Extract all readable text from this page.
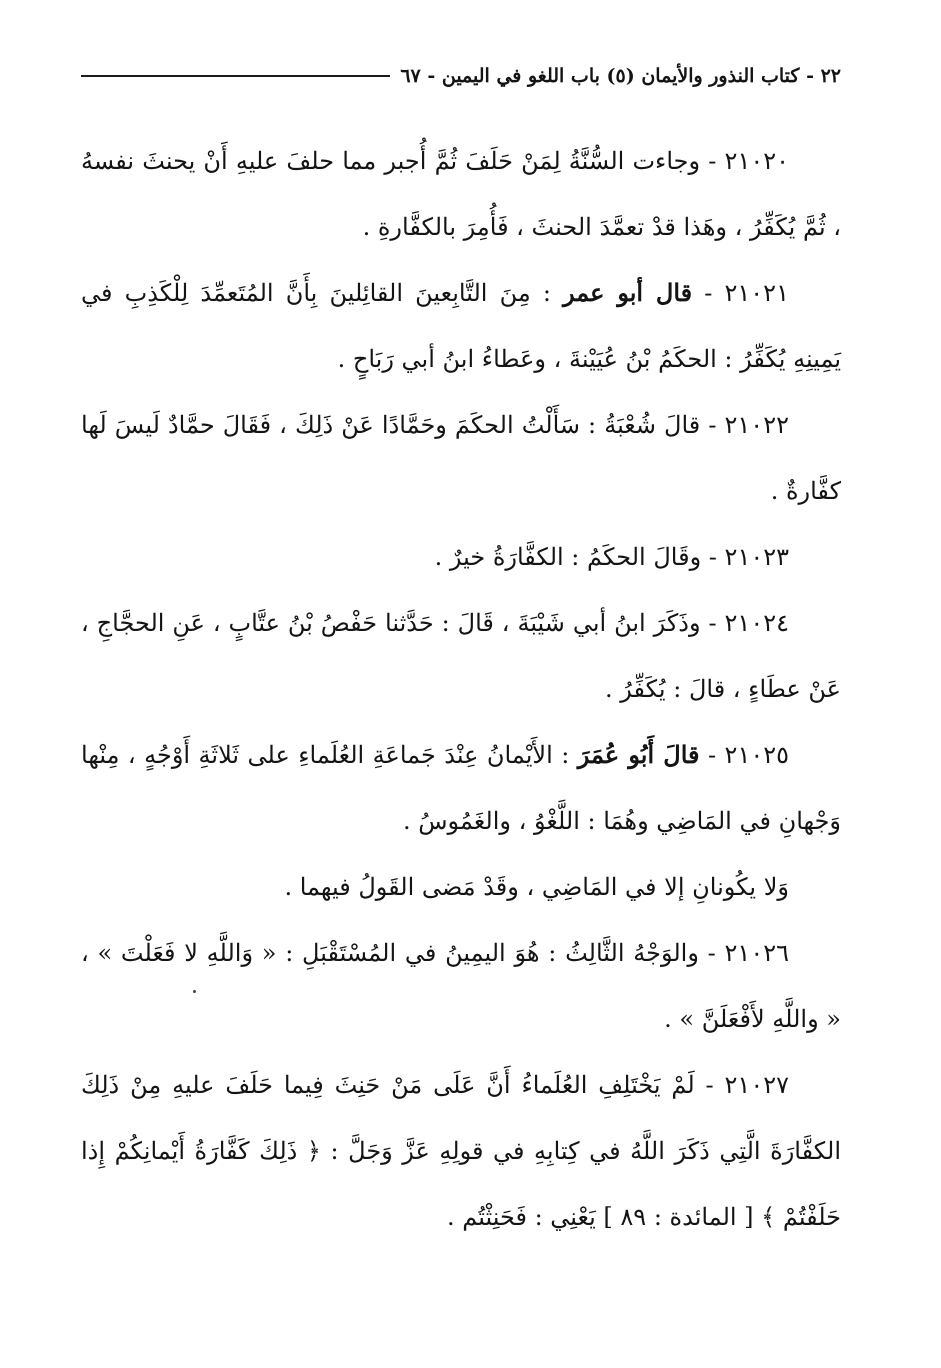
٢٢ - كتاب النذور والأيمان (٥) باب اللغو في اليمين - ٦٧

٢١٠٢٠ - وجاءت السُّنَّةُ لِمَنْ حَلَفَ ثُمَّ أُجبر مما حلفَ عليهِ أَنْ يحنثَ نفسهُ ، ثُمَّ يُكَفِّرُ ، وهَذا قدْ تعمَّدَ الحنثَ ، فَأُمِرَ بالكفَّارةِ .

٢١٠٢١ - قال أبو عمر : مِنَ التَّابِعينَ القائِلينَ بِأَنَّ المُتَعمِّدَ لِلْكَذِبِ في يَمِينِهِ يُكَفِّرُ : الحكَمُ بْنُ عُيَيْنةَ ، وعَطاءُ ابنُ أبي رَبَاحٍ .

٢١٠٢٢ - قالَ شُعْبَةُ : سَأَلْتُ الحكَمَ وحَمَّادًا عَنْ ذَلِكَ ، فَقَالَ حمَّادٌ لَيسَ لَها كفَّارةٌ .

٢١٠٢٣ - وقَالَ الحكَمُ : الكفَّارَةُ خيرٌ .

٢١٠٢٤ - وذَكَرَ ابنُ أبي شَيْبَةَ ، قَالَ : حَدَّثنا حَفْصُ بْنُ عتَّابٍ ، عَنِ الحجَّاجِ ، عَنْ عطَاءٍ ، قالَ : يُكَفِّرُ .

٢١٠٢٥ - قالَ أَبُو عُمَرَ : الأَيْمانُ عِنْدَ جَماعَةِ العُلَماءِ على ثَلاثَةِ أَوْجُهٍ ، مِنْها وَجْهانِ في المَاضِي وهُمَا : اللَّغْوُ ، والغَمُوسُ .

وَلا يكُونانِ إلا في المَاضِي ، وقَدْ مَضى القَولُ فيهما .

٢١٠٢٦ - والوَجْهُ الثَّالِثُ : هُوَ اليمِينُ في المُسْتَقْبَلِ : « وَاللَّهِ لا فَعَلْتَ » ، « واللَّهِ لأَفْعَلَنَّ » .

٢١٠٢٧ - لَمْ يَخْتَلِفِ العُلَماءُ أَنَّ عَلَى مَنْ حَنِثَ فِيما حَلَفَ عليهِ مِنْ ذَلِكَ الكفَّارَةَ الَّتِي ذَكَرَ اللَّهُ في كِتابِهِ في قولِهِ عَزَّ وَجَلَّ : ﴿ ذَلِكَ كَفَّارَةُ أَيْمانِكُمْ إِذا حَلَفْتُمْ ﴾ [ المائدة : ٨٩ ] يَعْنِي : فَحَنِثْتُم .
